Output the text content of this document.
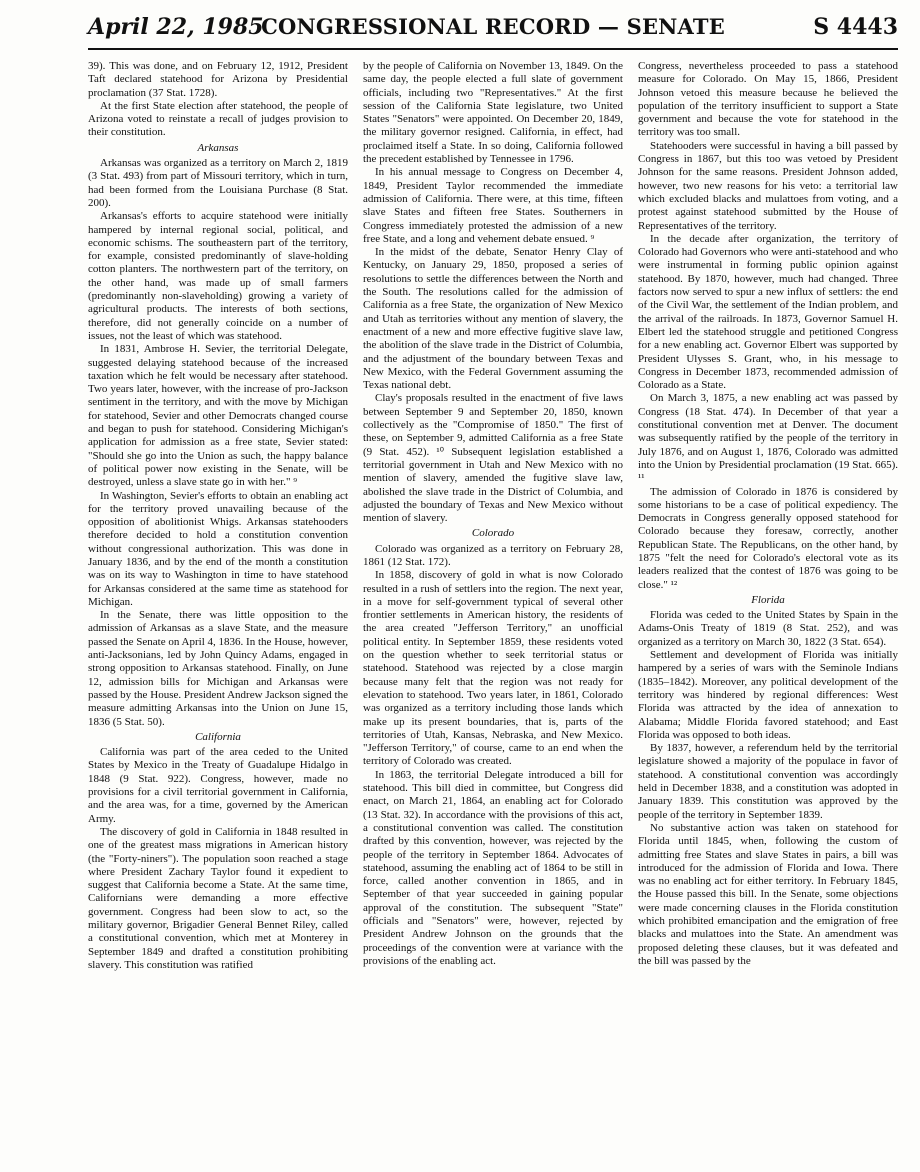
April 22, 1985
CONGRESSIONAL RECORD — SENATE	S 4443

39). This was done, and on February 12, 1912, President Taft declared statehood for Arizona by Presidential proclamation (37 Stat. 1728).

At the first State election after statehood, the people of Arizona voted to reinstate a recall of judges provision to their constitution.

Arkansas

Arkansas was organized as a territory on March 2, 1819 (3 Stat. 493) from part of Missouri territory, which in turn, had been formed from the Louisiana Purchase (8 Stat. 200).

Arkansas's efforts to acquire statehood were initially hampered by internal regional social, political, and economic schisms. The southeastern part of the territory, for example, consisted predominantly of slave-holding cotton planters. The northwestern part of the territory, on the other hand, was made up of small farmers (predominantly non-slaveholding) growing a variety of agricultural products. The interests of both sections, therefore, did not generally coincide on a number of issues, not the least of which was statehood.

In 1831, Ambrose H. Sevier, the territorial Delegate, suggested delaying statehood because of the increased taxation which he felt would be necessary after statehood. Two years later, however, with the increase of pro-Jackson sentiment in the territory, and with the move by Michigan for statehood, Sevier and other Democrats changed course and began to push for statehood. Considering Michigan's application for admission as a free state, Sevier stated: "Should she go into the Union as such, the happy balance of political power now existing in the Senate, will be destroyed, unless a slave state go in with her." ⁹

In Washington, Sevier's efforts to obtain an enabling act for the territory proved unavailing because of the opposition of abolitionist Whigs. Arkansas statehooders therefore decided to hold a constitution convention without congressional authorization. This was done in January 1836, and by the end of the month a constitution was on its way to Washington in time to have statehood for Arkansas considered at the same time as statehood for Michigan.

In the Senate, there was little opposition to the admission of Arkansas as a slave State, and the measure passed the Senate on April 4, 1836. In the House, however, anti-Jacksonians, led by John Quincy Adams, engaged in strong opposition to Arkansas statehood. Finally, on June 12, admission bills for Michigan and Arkansas were passed by the House. President Andrew Jackson signed the measure admitting Arkansas into the Union on June 15, 1836 (5 Stat. 50).

California

California was part of the area ceded to the United States by Mexico in the Treaty of Guadalupe Hidalgo in 1848 (9 Stat. 922). Congress, however, made no provisions for a civil territorial government in California, and the area was, for a time, governed by the American Army.

The discovery of gold in California in 1848 resulted in one of the greatest mass migrations in American history (the "Forty-niners"). The population soon reached a stage where President Zachary Taylor found it expedient to suggest that California become a State. At the same time, Californians were demanding a more effective government. Congress had been slow to act, so the military governor, Brigadier General Bennet Riley, called a constitutional convention, which met at Monterey in September 1849 and drafted a constitution prohibiting slavery. This constitution was ratified

by the people of California on November 13, 1849. On the same day, the people elected a full slate of government officials, including two "Representatives." At the first session of the California State legislature, two United States "Senators" were appointed. On December 20, 1849, the military governor resigned. California, in effect, had proclaimed itself a State. In so doing, California followed the precedent established by Tennessee in 1796.

In his annual message to Congress on December 4, 1849, President Taylor recommended the immediate admission of California. There were, at this time, fifteen slave States and fifteen free States. Southerners in Congress immediately protested the admission of a new free State, and a long and vehement debate ensued. ⁹

In the midst of the debate, Senator Henry Clay of Kentucky, on January 29, 1850, proposed a series of resolutions to settle the differences between the North and the South. The resolutions called for the admission of California as a free State, the organization of New Mexico and Utah as territories without any mention of slavery, the enactment of a new and more effective fugitive slave law, the abolition of the slave trade in the District of Columbia, and the adjustment of the boundary between Texas and New Mexico, with the Federal Government assuming the Texas national debt.

Clay's proposals resulted in the enactment of five laws between September 9 and September 20, 1850, known collectively as the "Compromise of 1850." The first of these, on September 9, admitted California as a free State (9 Stat. 452). ¹⁰ Subsequent legislation established a territorial government in Utah and New Mexico with no mention of slavery, amended the fugitive slave law, abolished the slave trade in the District of Columbia, and adjusted the boundary of Texas and New Mexico without mention of slavery.

Colorado

Colorado was organized as a territory on February 28, 1861 (12 Stat. 172).

In 1858, discovery of gold in what is now Colorado resulted in a rush of settlers into the region. The next year, in a move for self-government typical of several other frontier settlements in American history, the residents of the area created "Jefferson Territory," an unofficial political entity. In September 1859, these residents voted on the question whether to seek territorial status or statehood. Statehood was rejected by a close margin because many felt that the region was not ready for elevation to statehood. Two years later, in 1861, Colorado was organized as a territory including those lands which make up its present boundaries, that is, parts of the territories of Utah, Kansas, Nebraska, and New Mexico. "Jefferson Territory," of course, came to an end when the territory of Colorado was created.

In 1863, the territorial Delegate introduced a bill for statehood. This bill died in committee, but Congress did enact, on March 21, 1864, an enabling act for Colorado (13 Stat. 32). In accordance with the provisions of this act, a constitutional convention was called. The constitution drafted by this convention, however, was rejected by the people of the territory in September 1864. Advocates of statehood, assuming the enabling act of 1864 to be still in force, called another convention in 1865, and in September of that year succeeded in gaining popular approval of the constitution. The subsequent "State" officials and "Senators" were, however, rejected by President Andrew Johnson on the grounds that the proceedings of the convention were at variance with the provisions of the enabling act.

Congress, nevertheless proceeded to pass a statehood measure for Colorado. On May 15, 1866, President Johnson vetoed this measure because he believed the population of the territory insufficient to support a State government and because the vote for statehood in the territory was too small.

Statehooders were successful in having a bill passed by Congress in 1867, but this too was vetoed by President Johnson for the same reasons. President Johnson added, however, two new reasons for his veto: a territorial law which excluded blacks and mulattoes from voting, and a protest against statehood submitted by the House of Representatives of the territory.

In the decade after organization, the territory of Colorado had Governors who were anti-statehood and who were instrumental in forming public opinion against statehood. By 1870, however, much had changed. Three factors now served to spur a new influx of settlers: the end of the Civil War, the settlement of the Indian problem, and the arrival of the railroads. In 1873, Governor Samuel H. Elbert led the statehood struggle and petitioned Congress for a new enabling act. Governor Elbert was supported by President Ulysses S. Grant, who, in his message to Congress in December 1873, recommended admission of Colorado as a State.

On March 3, 1875, a new enabling act was passed by Congress (18 Stat. 474). In December of that year a constitutional convention met at Denver. The document was subsequently ratified by the people of the territory in July 1876, and on August 1, 1876, Colorado was admitted into the Union by Presidential proclamation (19 Stat. 665). ¹¹

The admission of Colorado in 1876 is considered by some historians to be a case of political expediency. The Democrats in Congress generally opposed statehood for Colorado because they foresaw, correctly, another Republican State. The Republicans, on the other hand, by 1875 "felt the need for Colorado's electoral vote as its leaders realized that the contest of 1876 was going to be close." ¹²

Florida

Florida was ceded to the United States by Spain in the Adams-Onis Treaty of 1819 (8 Stat. 252), and was organized as a territory on March 30, 1822 (3 Stat. 654).

Settlement and development of Florida was initially hampered by a series of wars with the Seminole Indians (1835–1842). Moreover, any political development of the territory was hindered by regional differences: West Florida was attracted by the idea of annexation to Alabama; Middle Florida favored statehood; and East Florida was opposed to both ideas.

By 1837, however, a referendum held by the territorial legislature showed a majority of the populace in favor of statehood. A constitutional convention was accordingly held in December 1838, and a constitution was adopted in January 1839. This constitution was approved by the people of the territory in September 1839.

No substantive action was taken on statehood for Florida until 1845, when, following the custom of admitting free States and slave States in pairs, a bill was introduced for the admission of Florida and Iowa. There was no enabling act for either territory. In February 1845, the House passed this bill. In the Senate, some objections were made concerning clauses in the Florida constitution which prohibited emancipation and the emigration of free blacks and mulattoes into the State. An amendment was proposed deleting these clauses, but it was defeated and the bill was passed by the
